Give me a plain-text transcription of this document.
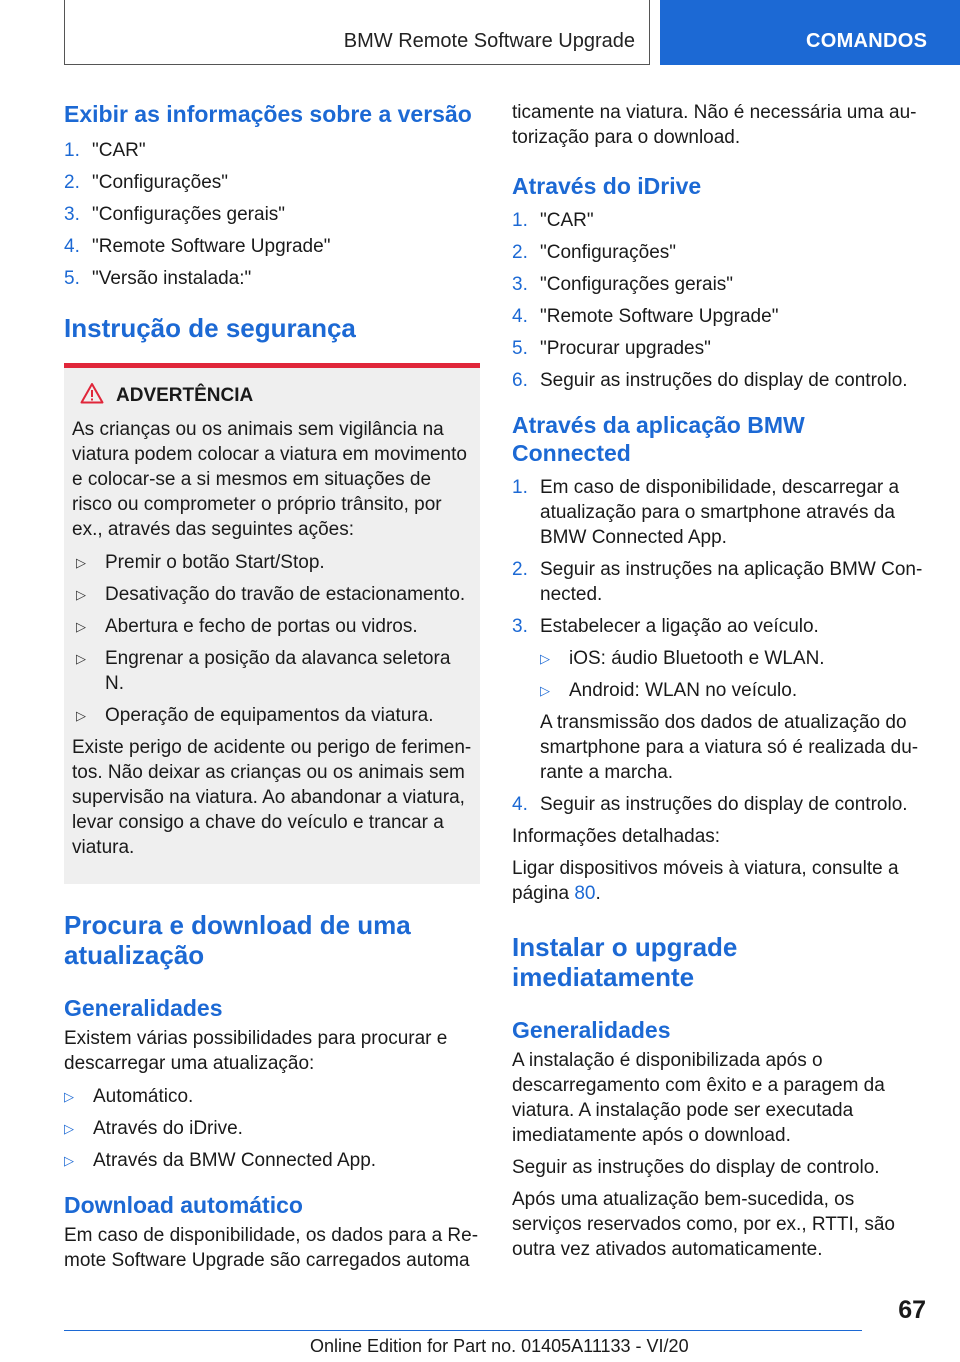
BMW Remote Software Upgrade	COMANDOS
Exibir as informações sobre a versão
1. "CAR"
2. "Configurações"
3. "Configurações gerais"
4. "Remote Software Upgrade"
5. "Versão instalada:"
Instrução de segurança
ADVERTÊNCIA
As crianças ou os animais sem vigilância na viatura podem colocar a viatura em movimento e colocar-se a si mesmos em situações de risco ou comprometer o próprio trânsito, por ex., através das seguintes ações:
▷	Premir o botão Start/Stop.
▷	Desativação do travão de estacionamento.
▷	Abertura e fecho de portas ou vidros.
▷	Engrenar a posição da alavanca seletora N.
▷	Operação de equipamentos da viatura.
Existe perigo de acidente ou perigo de ferimentos. Não deixar as crianças ou os animais sem supervisão na viatura. Ao abandonar a viatura, levar consigo a chave do veículo e trancar a viatura.
Procura e download de uma atualização
Generalidades
Existem várias possibilidades para procurar e descarregar uma atualização:
▷	Automático.
▷	Através do iDrive.
▷	Através da BMW Connected App.
Download automático
Em caso de disponibilidade, os dados para a Remote Software Upgrade são carregados automa
ticamente na viatura. Não é necessária uma autorização para o download.
Através do iDrive
1. "CAR"
2. "Configurações"
3. "Configurações gerais"
4. "Remote Software Upgrade"
5. "Procurar upgrades"
6. Seguir as instruções do display de controlo.
Através da aplicação BMW Connected
1. Em caso de disponibilidade, descarregar a atualização para o smartphone através da BMW Connected App.
2. Seguir as instruções na aplicação BMW Connected.
3. Estabelecer a ligação ao veículo.
▷	iOS: áudio Bluetooth e WLAN.
▷	Android: WLAN no veículo.
A transmissão dos dados de atualização do smartphone para a viatura só é realizada durante a marcha.
4. Seguir as instruções do display de controlo.
Informações detalhadas:
Ligar dispositivos móveis à viatura, consulte a página 80.
Instalar o upgrade imediatamente
Generalidades
A instalação é disponibilizada após o descarregamento com êxito e a paragem da viatura. A instalação pode ser executada imediatamente após o download.
Seguir as instruções do display de controlo.
Após uma atualização bem-sucedida, os serviços reservados como, por ex., RTTI, são outra vez ativados automaticamente.
67
Online Edition for Part no. 01405A11133 - VI/20
